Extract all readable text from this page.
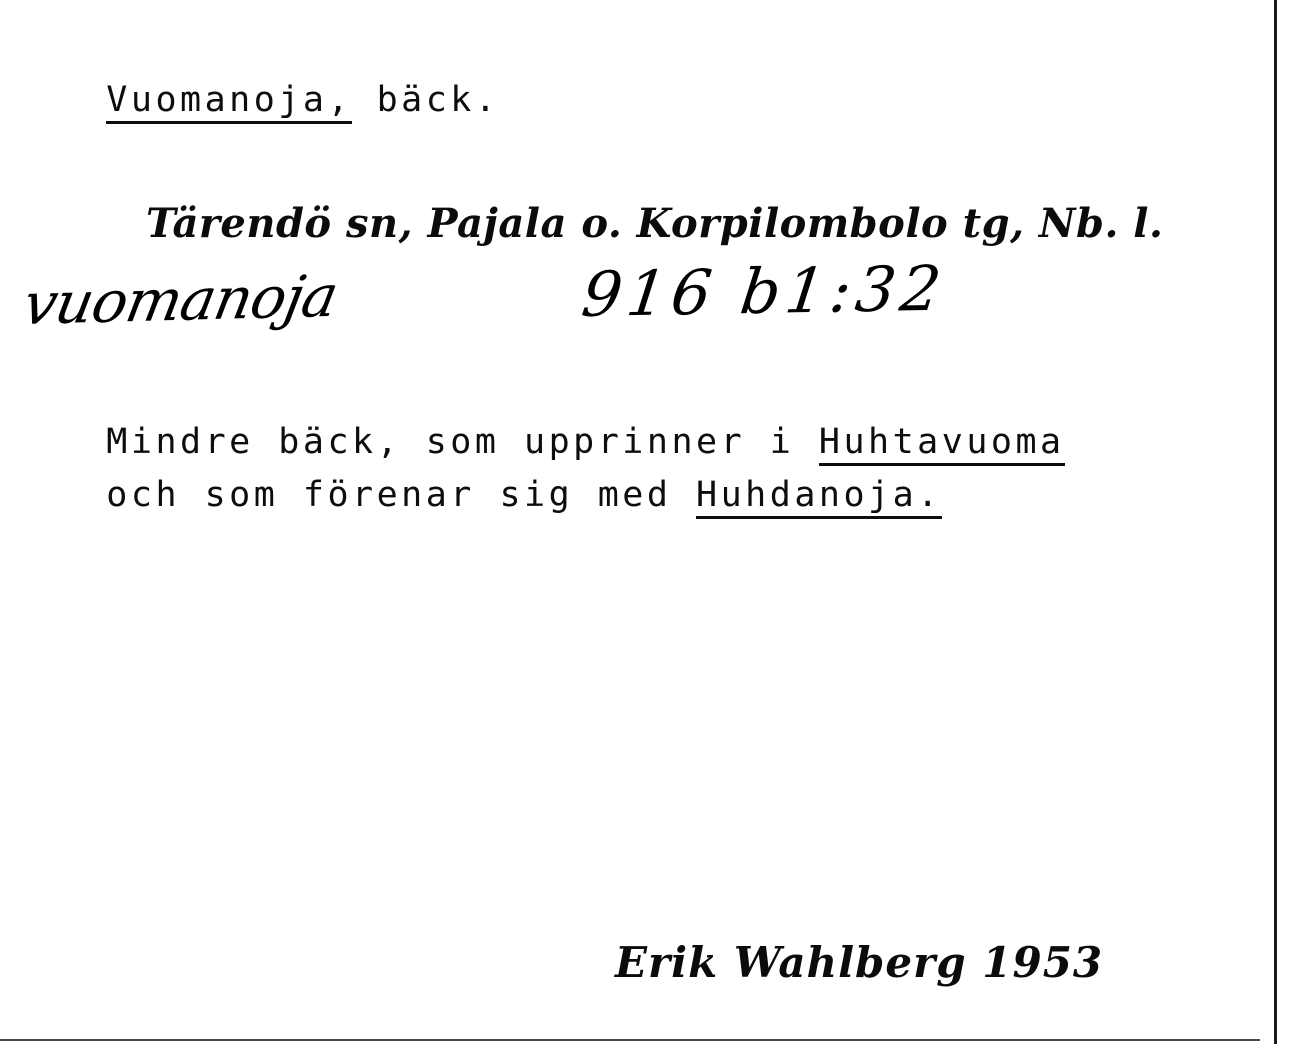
Vuomanoja, bäck.

Tärendö sn, Pajala o. Korpilombolo tg, Nb. l.
vuomanoja	916 b1:32

Mindre bäck, som upprinner i Huhtavuoma

och som förenar sig med Huhdanoja.

Erik Wahlberg 1953
